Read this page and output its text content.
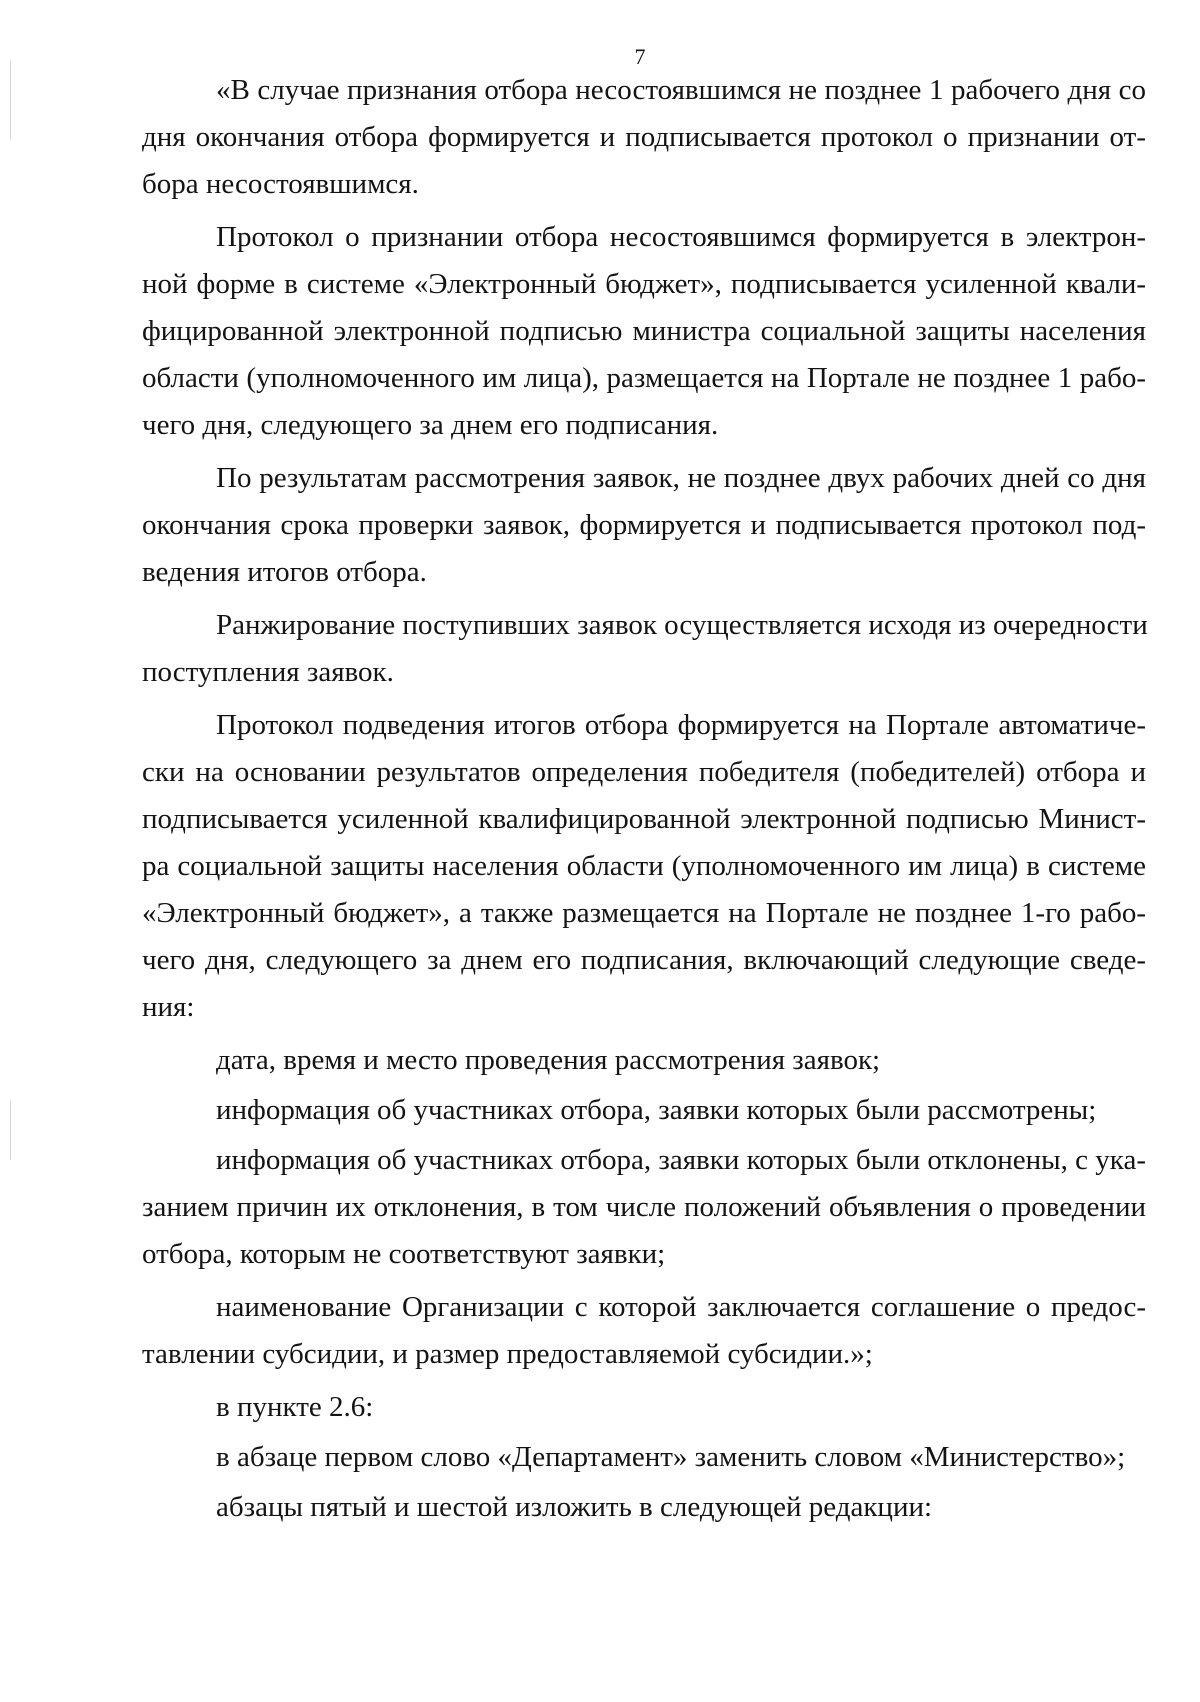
7
«В случае признания отбора несостоявшимся не позднее 1 рабочего дня со
дня окончания отбора формируется и подписывается протокол о признании от-
бора несостоявшимся.
Протокол о признании отбора несостоявшимся формируется в электрон-
ной форме в системе «Электронный бюджет», подписывается усиленной квали-
фицированной электронной подписью министра социальной защиты населения
области (уполномоченного им лица), размещается на Портале не позднее 1 рабо-
чего дня, следующего за днем его подписания.
По результатам рассмотрения заявок, не позднее двух рабочих дней со дня
окончания срока проверки заявок, формируется и подписывается протокол под-
ведения итогов отбора.
Ранжирование поступивших заявок осуществляется исходя из очередности
поступления заявок.
Протокол подведения итогов отбора формируется на Портале автоматиче-
ски на основании результатов определения победителя (победителей) отбора и
подписывается усиленной квалифицированной электронной подписью Минист-
ра социальной защиты населения области (уполномоченного им лица) в системе
«Электронный бюджет», а также размещается на Портале не позднее 1-го рабо-
чего дня, следующего за днем его подписания, включающий следующие сведе-
ния:
дата, время и место проведения рассмотрения заявок;
информация об участниках отбора, заявки которых были рассмотрены;
информация об участниках отбора, заявки которых были отклонены, с ука-
занием причин их отклонения, в том числе положений объявления о проведении
отбора, которым не соответствуют заявки;
наименование Организации с которой заключается соглашение о предос-
тавлении субсидии, и размер предоставляемой субсидии.»;
в пункте 2.6:
в абзаце первом слово «Департамент» заменить словом «Министерство»;
абзацы пятый и шестой изложить в следующей редакции:
